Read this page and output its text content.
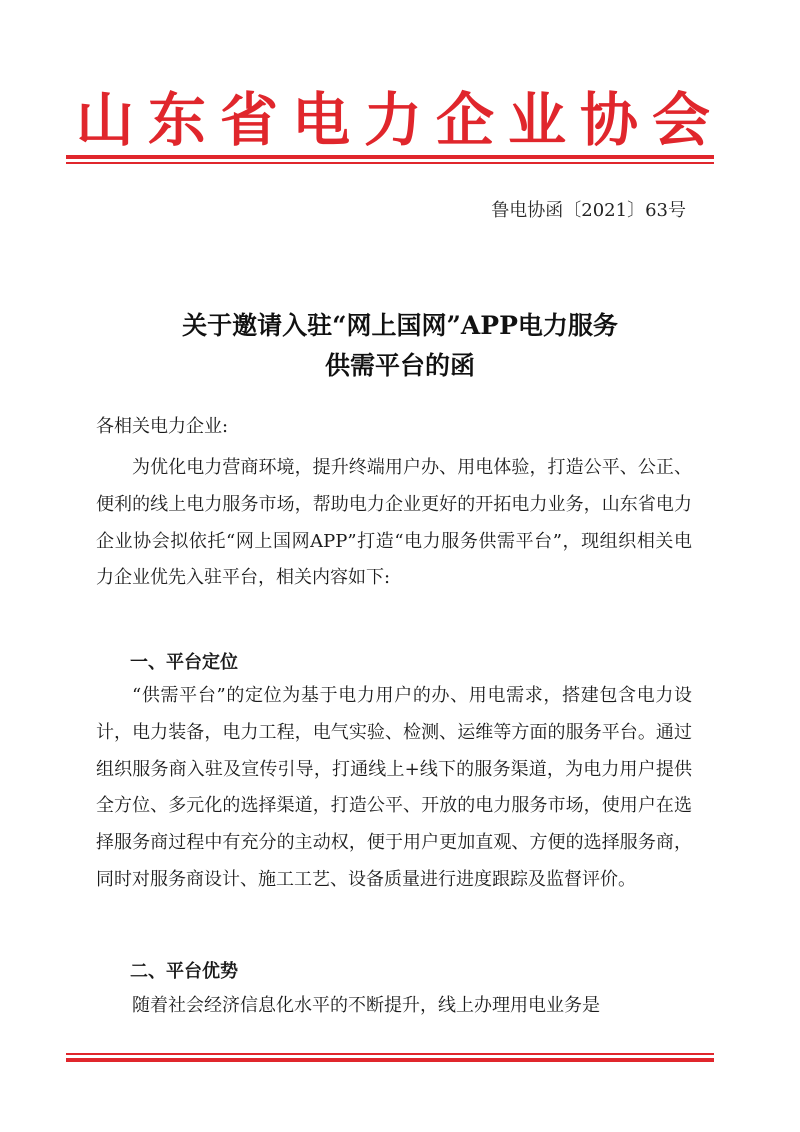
山东省电力企业协会
鲁电协函〔2021〕63号
关于邀请入驻“网上国网”APP电力服务
供需平台的函
各相关电力企业:
为优化电力营商环境，提升终端用户办、用电体验，打造公平、公正、便利的线上电力服务市场，帮助电力企业更好的开拓电力业务，山东省电力企业协会拟依托“网上国网APP”打造“电力服务供需平台”，现组织相关电力企业优先入驻平台，相关内容如下:
一、平台定位
“供需平台”的定位为基于电力用户的办、用电需求，搭建包含电力设计，电力装备，电力工程，电气实验、检测、运维等方面的服务平台。通过组织服务商入驻及宣传引导，打通线上+线下的服务渠道，为电力用户提供全方位、多元化的选择渠道，打造公平、开放的电力服务市场，使用户在选择服务商过程中有充分的主动权，便于用户更加直观、方便的选择服务商，同时对服务商设计、施工工艺、设备质量进行进度跟踪及监督评价。
二、平台优势
随着社会经济信息化水平的不断提升，线上办理用电业务是
